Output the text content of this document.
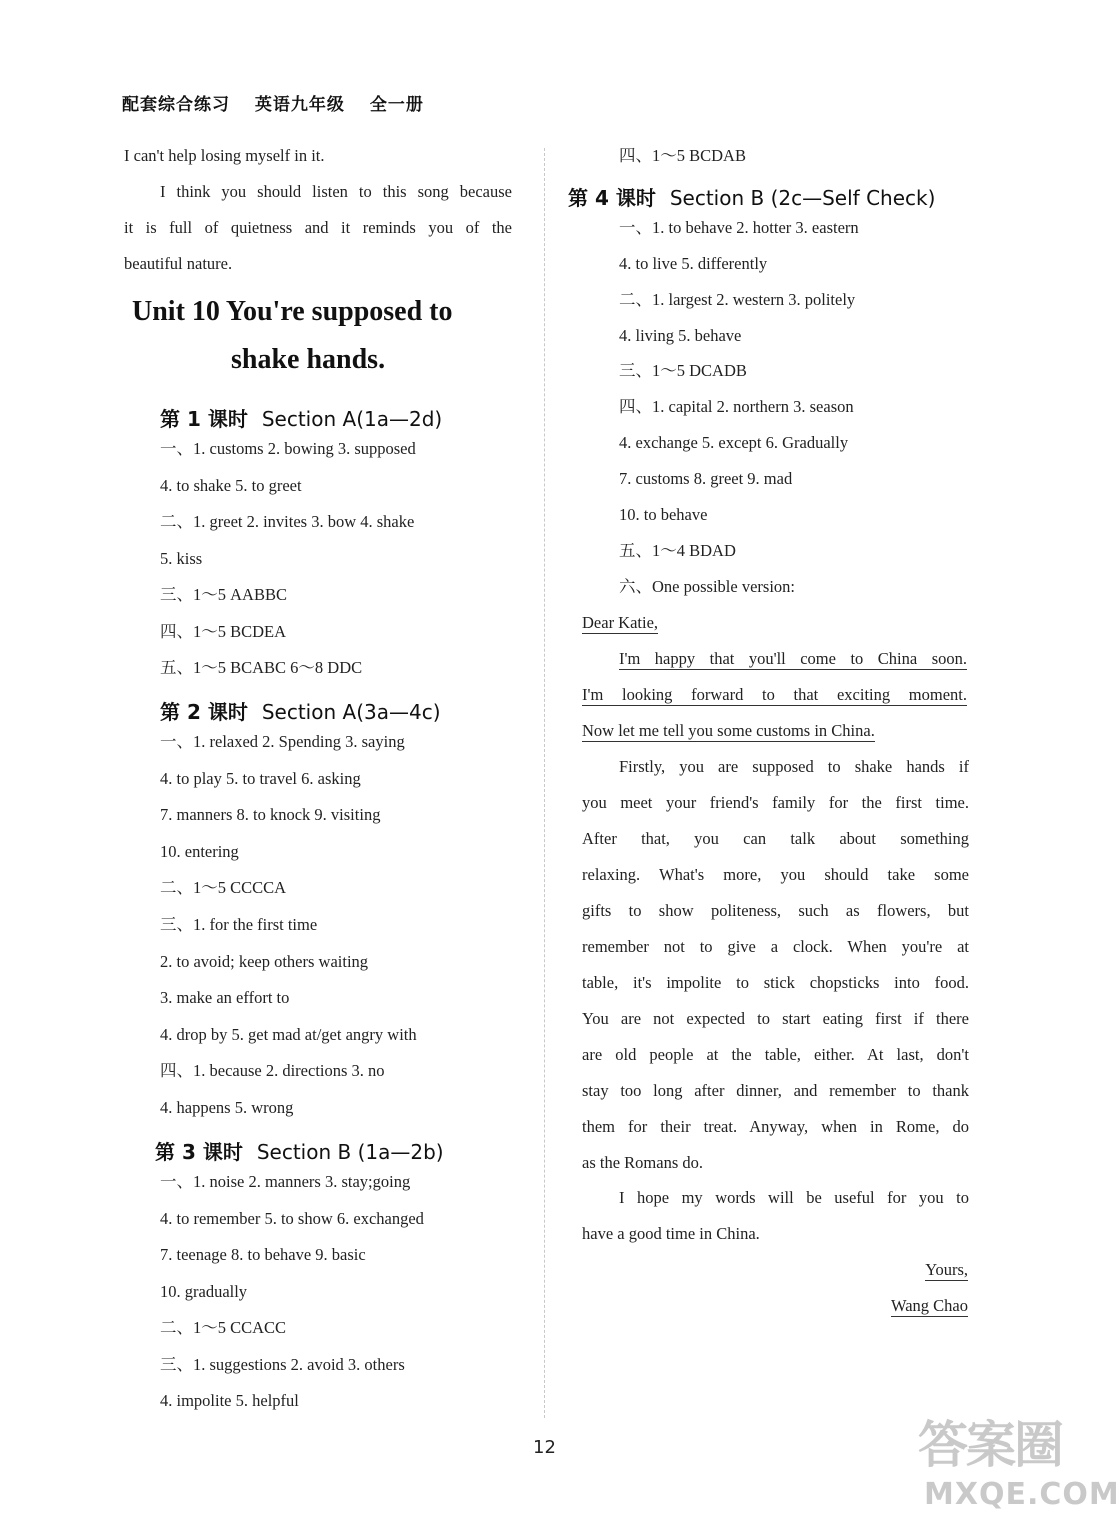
配套综合练习 英语九年级 全一册
I can't help losing myself in it.
I think you should listen to this song because
it is full of quietness and it reminds you of the
beautiful nature.
Unit 10 You're supposed to
shake hands.
第 1 课时 Section A(1a—2d)
一、1. customs 2. bowing 3. supposed
4. to shake 5. to greet
二、1. greet 2. invites 3. bow 4. shake
5. kiss
三、1～5 AABBC
四、1～5 BCDEA
五、1～5 BCABC 6～8 DDC
第 2 课时 Section A(3a—4c)
一、1. relaxed 2. Spending 3. saying
4. to play 5. to travel 6. asking
7. manners 8. to knock 9. visiting
10. entering
二、1～5 CCCCA
三、1. for the first time
2. to avoid; keep others waiting
3. make an effort to
4. drop by 5. get mad at/get angry with
四、1. because 2. directions 3. no
4. happens 5. wrong
第 3 课时 Section B (1a—2b)
一、1. noise 2. manners 3. stay;going
4. to remember 5. to show 6. exchanged
7. teenage 8. to behave 9. basic
10. gradually
二、1～5 CCACC
三、1. suggestions 2. avoid 3. others
4. impolite 5. helpful
四、1～5 BCDAB
第 4 课时 Section B (2c—Self Check)
一、1. to behave 2. hotter 3. eastern
4. to live 5. differently
二、1. largest 2. western 3. politely
4. living 5. behave
三、1～5 DCADB
四、1. capital 2. northern 3. season
4. exchange 5. except 6. Gradually
7. customs 8. greet 9. mad
10. to behave
五、1～4 BDAD
六、One possible version:
Dear Katie,
I'm happy that you'll come to China soon.
I'm looking forward to that exciting moment.
Now let me tell you some customs in China.
Firstly, you are supposed to shake hands if
you meet your friend's family for the first time.
After that, you can talk about something
relaxing. What's more, you should take some
gifts to show politeness, such as flowers, but
remember not to give a clock. When you're at
table, it's impolite to stick chopsticks into food.
You are not expected to start eating first if there
are old people at the table, either. At last, don't
stay too long after dinner, and remember to thank
them for their treat. Anyway, when in Rome, do
as the Romans do.
I hope my words will be useful for you to
have a good time in China.
Yours,
Wang Chao
12	答案圈
MXQE.COM
